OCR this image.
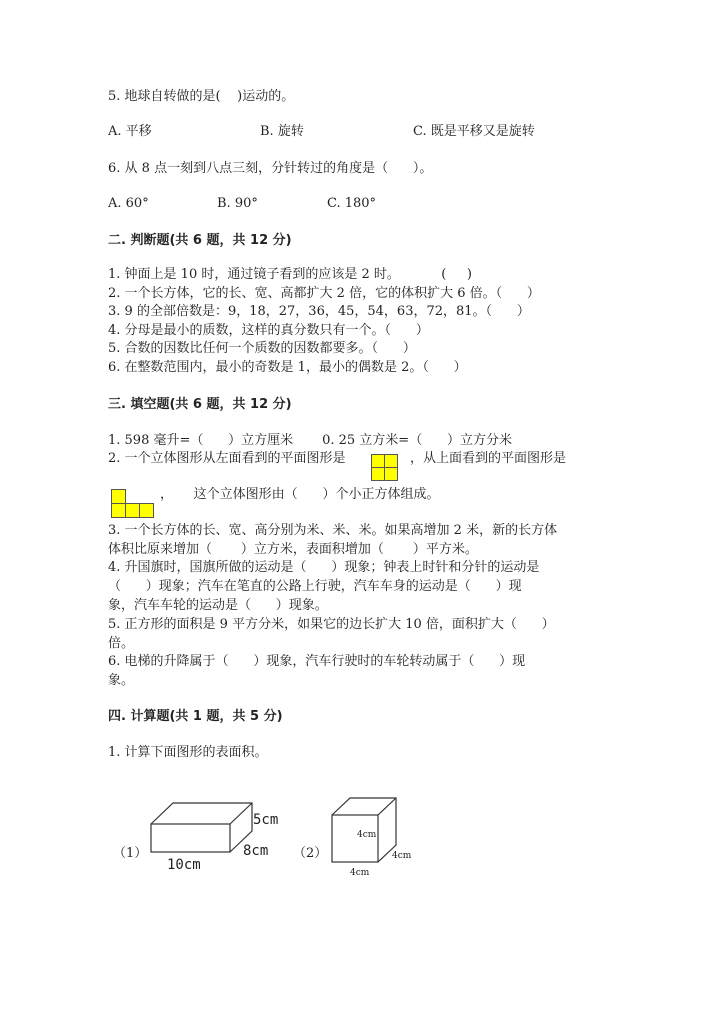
5. 地球自转做的是(    )运动的。
A. 平移	B. 旋转	C. 既是平移又是旋转
6. 从 8 点一刻到八点三刻，分针转过的角度是（      ）。
A. 60°	B. 90°	C. 180°
二. 判断题(共 6 题，共 12 分)
1. 钟面上是 10 时，通过镜子看到的应该是 2 时。          (     )
2. 一个长方体，它的长、宽、高都扩大 2 倍，它的体积扩大 6 倍。（      ）
3. 9 的全部倍数是：9，18，27，36，45，54，63，72，81。（      ）
4. 分母是最小的质数，这样的真分数只有一个。（      ）
5. 合数的因数比任何一个质数的因数都要多。（      ）
6. 在整数范围内，最小的奇数是 1，最小的偶数是 2。（      ）
三. 填空题(共 6 题，共 12 分)
1. 598 毫升=（      ）立方厘米       0. 25 立方米=（      ）立方分米
2. 一个立体图形从左面看到的平面图形是	，从上面看到的平面图形是
，     这个立体图形由（      ）个小正方体组成。
3. 一个长方体的长、宽、高分别为米、米、米。如果高增加 2 米，新的长方体
体积比原来增加（       ）立方米，表面积增加（       ）平方米。
4. 升国旗时，国旗所做的运动是（      ）现象；钟表上时针和分针的运动是
（      ）现象；汽车在笔直的公路上行驶，汽车车身的运动是（      ）现
象，汽车车轮的运动是（      ）现象。
5. 正方形的面积是 9 平方分米，如果它的边长扩大 10 倍，面积扩大（      ）
倍。
6. 电梯的升降属于（      ）现象，汽车行驶时的车轮转动属于（      ）现
象。
四. 计算题(共 1 题，共 5 分)
1. 计算下面图形的表面积。
（1）
5cm
8cm
10cm
（2）
4cm
4cm
4cm
